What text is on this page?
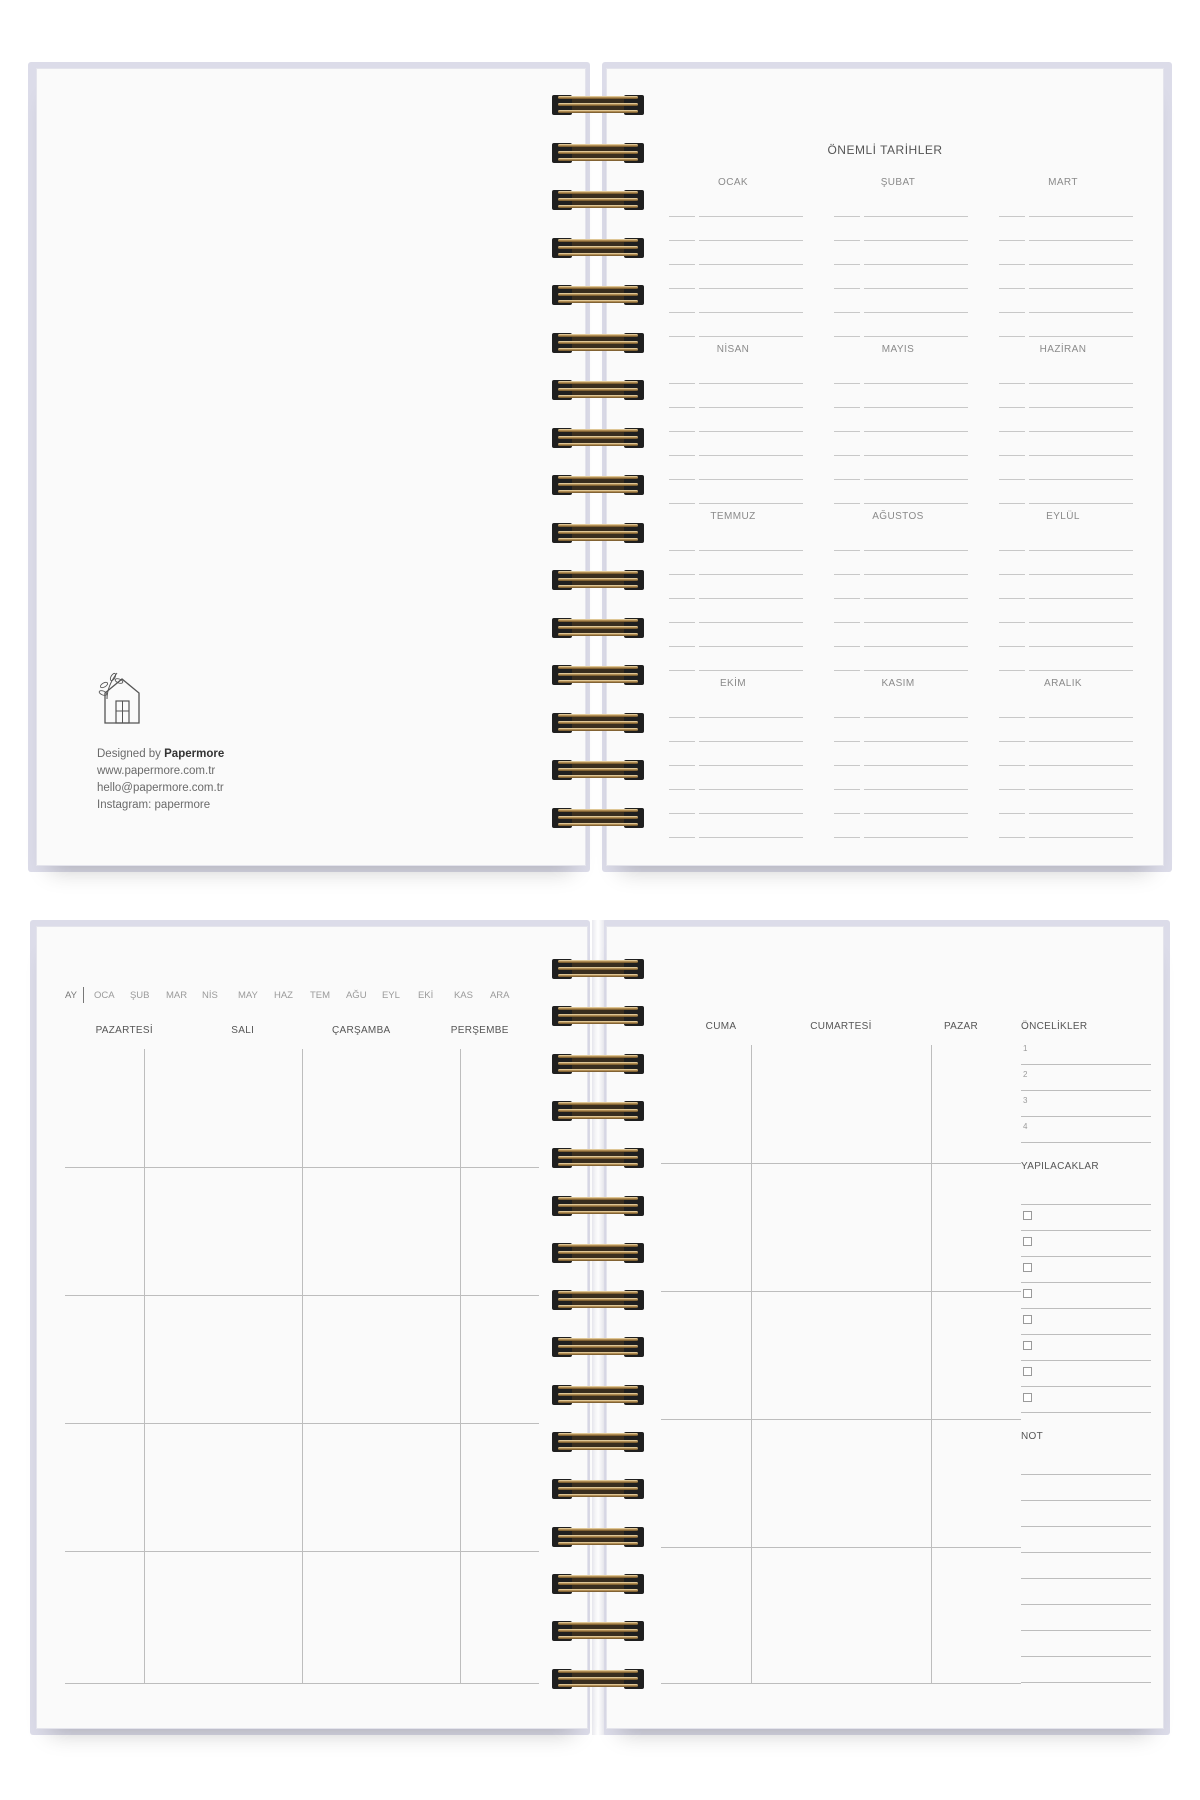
Designed by Papermore
www.papermore.com.tr
hello@papermore.com.tr
Instagram: papermore
ÖNEMLİ TARİHLER
OCAK	ŞUBAT	MART
NİSAN	MAYIS	HAZİRAN
TEMMUZ	AĞUSTOS	EYLÜL
EKİM	KASIM	ARALIK
AY OCA	ŞUB	MAR	NİS	MAY	HAZ	TEM	AĞU	EYL	EKİ	KAS	ARA
PAZARTESİ	SALI	ÇARŞAMBA	PERŞEMBE

				CUMA	CUMARTESİ	PAZAR

			ÖNCELİKLER
1
2
3
4
YAPILACAKLAR
NOT
